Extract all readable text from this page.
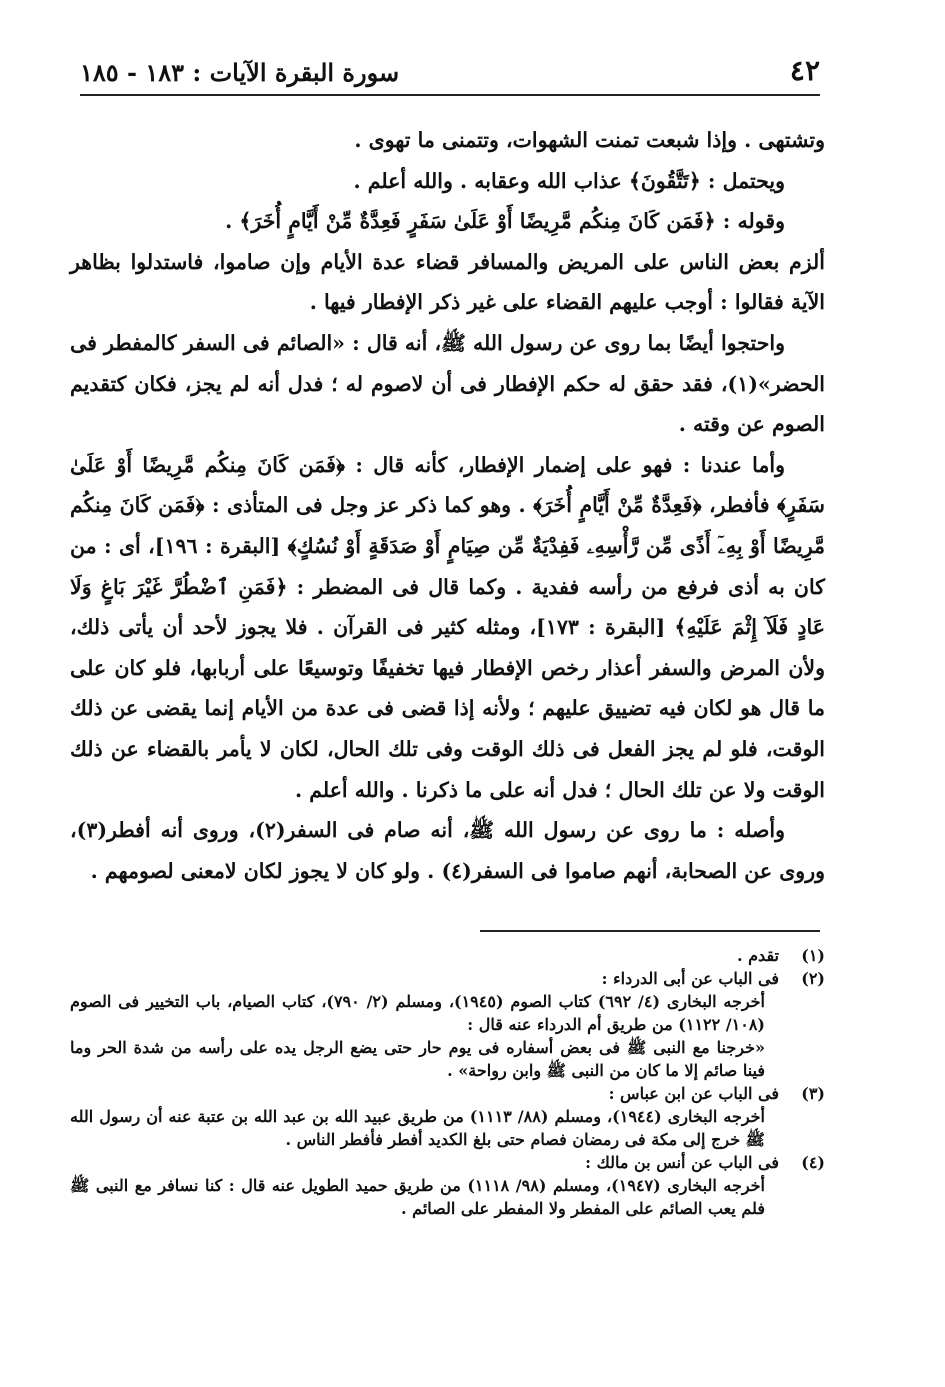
٤٢
سورة البقرة الآيات : ١٨٣ - ١٨٥

وتشتهى . وإذا شبعت تمنت الشهوات، وتتمنى ما تهوى .

ويحتمل : ﴿تَتَّقُونَ﴾ عذاب الله وعقابه . والله أعلم .

وقوله : ﴿فَمَن كَانَ مِنكُم مَّرِيضًا أَوْ عَلَىٰ سَفَرٍ فَعِدَّةٌ مِّنْ أَيَّامٍ أُخَرَ﴾ .

ألزم بعض الناس على المريض والمسافر قضاء عدة الأيام وإن صاموا، فاستدلوا بظاهر الآية فقالوا : أوجب عليهم القضاء على غير ذكر الإفطار فيها .

واحتجوا أيضًا بما روى عن رسول الله ﷺ، أنه قال : «الصائم فى السفر كالمفطر فى الحضر»(١)، فقد حقق له حكم الإفطار فى أن لاصوم له ؛ فدل أنه لم يجز، فكان كتقديم الصوم عن وقته .

وأما عندنا : فهو على إضمار الإفطار، كأنه قال : ﴿فَمَن كَانَ مِنكُم مَّرِيضًا أَوْ عَلَىٰ سَفَرٍ﴾ فأفطر، ﴿فَعِدَّةٌ مِّنْ أَيَّامٍ أُخَرَ﴾ . وهو كما ذكر عز وجل فى المتأذى : ﴿فَمَن كَانَ مِنكُم مَّرِيضًا أَوْ بِهِۦٓ أَذًى مِّن رَّأْسِهِۦ فَفِدْيَةٌ مِّن صِيَامٍ أَوْ صَدَقَةٍ أَوْ نُسُكٍ﴾ [البقرة : ١٩٦]، أى : من كان به أذى فرفع من رأسه ففدية . وكما قال فى المضطر : ﴿فَمَنِ ٱضْطُرَّ غَيْرَ بَاغٍ وَلَا عَادٍ فَلَآ إِثْمَ عَلَيْهِ﴾ [البقرة : ١٧٣]، ومثله كثير فى القرآن . فلا يجوز لأحد أن يأتى ذلك، ولأن المرض والسفر أعذار رخص الإفطار فيها تخفيفًا وتوسيعًا على أربابها، فلو كان على ما قال هو لكان فيه تضييق عليهم ؛ ولأنه إذا قضى فى عدة من الأيام إنما يقضى عن ذلك الوقت، فلو لم يجز الفعل فى ذلك الوقت وفى تلك الحال، لكان لا يأمر بالقضاء عن ذلك الوقت ولا عن تلك الحال ؛ فدل أنه على ما ذكرنا . والله أعلم .

وأصله : ما روى عن رسول الله ﷺ، أنه صام فى السفر(٢)، وروى أنه أفطر(٣)، وروى عن الصحابة، أنهم صاموا فى السفر(٤) . ولو كان لا يجوز لكان لامعنى لصومهم .

(١)
تقدم .
(٢)
فى الباب عن أبى الدرداء :
أخرجه البخارى (٤/ ٦٩٢) كتاب الصوم (١٩٤٥)، ومسلم (٢/ ٧٩٠)، كتاب الصيام، باب التخيير فى الصوم (١٠٨/ ١١٢٢) من طريق أم الدرداء عنه قال :
«خرجنا مع النبى ﷺ فى بعض أسفاره فى يوم حار حتى يضع الرجل يده على رأسه من شدة الحر وما فينا صائم إلا ما كان من النبى ﷺ وابن رواحة» .
(٣)
فى الباب عن ابن عباس :
أخرجه البخارى (١٩٤٤)، ومسلم (٨٨/ ١١١٣) من طريق عبيد الله بن عبد الله بن عتبة عنه أن رسول الله ﷺ خرج إلى مكة فى رمضان فصام حتى بلغ الكديد أفطر فأفطر الناس .
(٤)
فى الباب عن أنس بن مالك :
أخرجه البخارى (١٩٤٧)، ومسلم (٩٨/ ١١١٨) من طريق حميد الطويل عنه قال : كنا نسافر مع النبى ﷺ فلم يعب الصائم على المفطر ولا المفطر على الصائم .
